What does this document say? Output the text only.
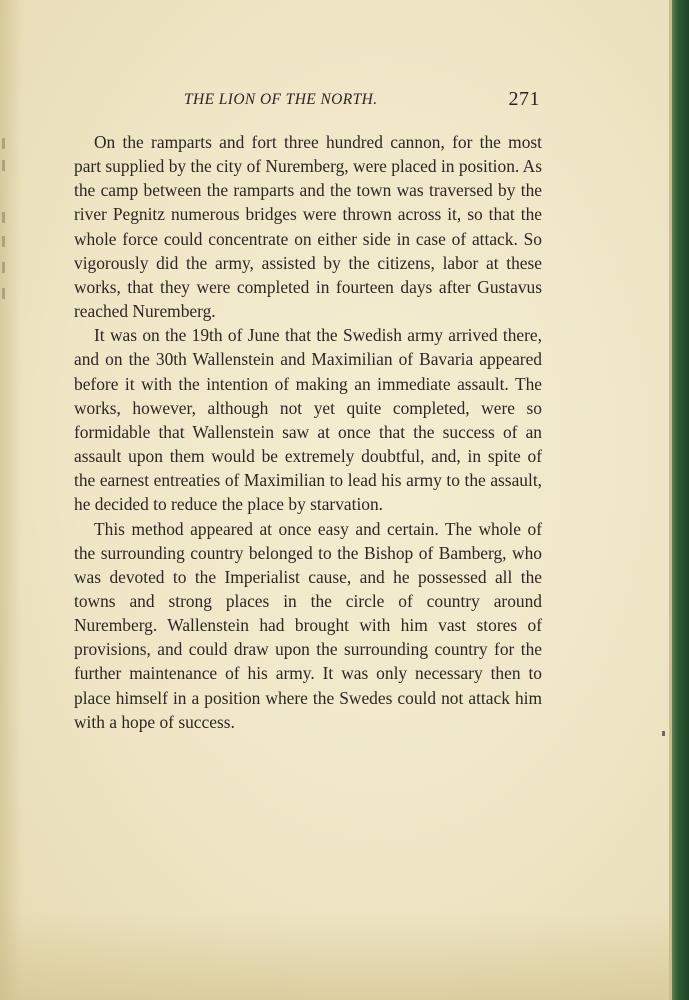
THE LION OF THE NORTH.	271

On the ramparts and fort three hundred cannon, for the most part supplied by the city of Nuremberg, were placed in position. As the camp between the ramparts and the town was traversed by the river Pegnitz numerous bridges were thrown across it, so that the whole force could concentrate on either side in case of attack. So vigorously did the army, assisted by the citizens, labor at these works, that they were completed in fourteen days after Gustavus reached Nuremberg.

It was on the 19th of June that the Swedish army arrived there, and on the 30th Wallenstein and Maximilian of Bavaria appeared before it with the intention of making an immediate assault. The works, however, although not yet quite completed, were so formidable that Wallenstein saw at once that the success of an assault upon them would be extremely doubtful, and, in spite of the earnest entreaties of Maximilian to lead his army to the assault, he decided to reduce the place by starvation.

This method appeared at once easy and certain. The whole of the surrounding country belonged to the Bishop of Bamberg, who was devoted to the Imperialist cause, and he possessed all the towns and strong places in the circle of country around Nuremberg. Wallenstein had brought with him vast stores of provisions, and could draw upon the surrounding country for the further maintenance of his army. It was only necessary then to place himself in a position where the Swedes could not attack him with a hope of success.
